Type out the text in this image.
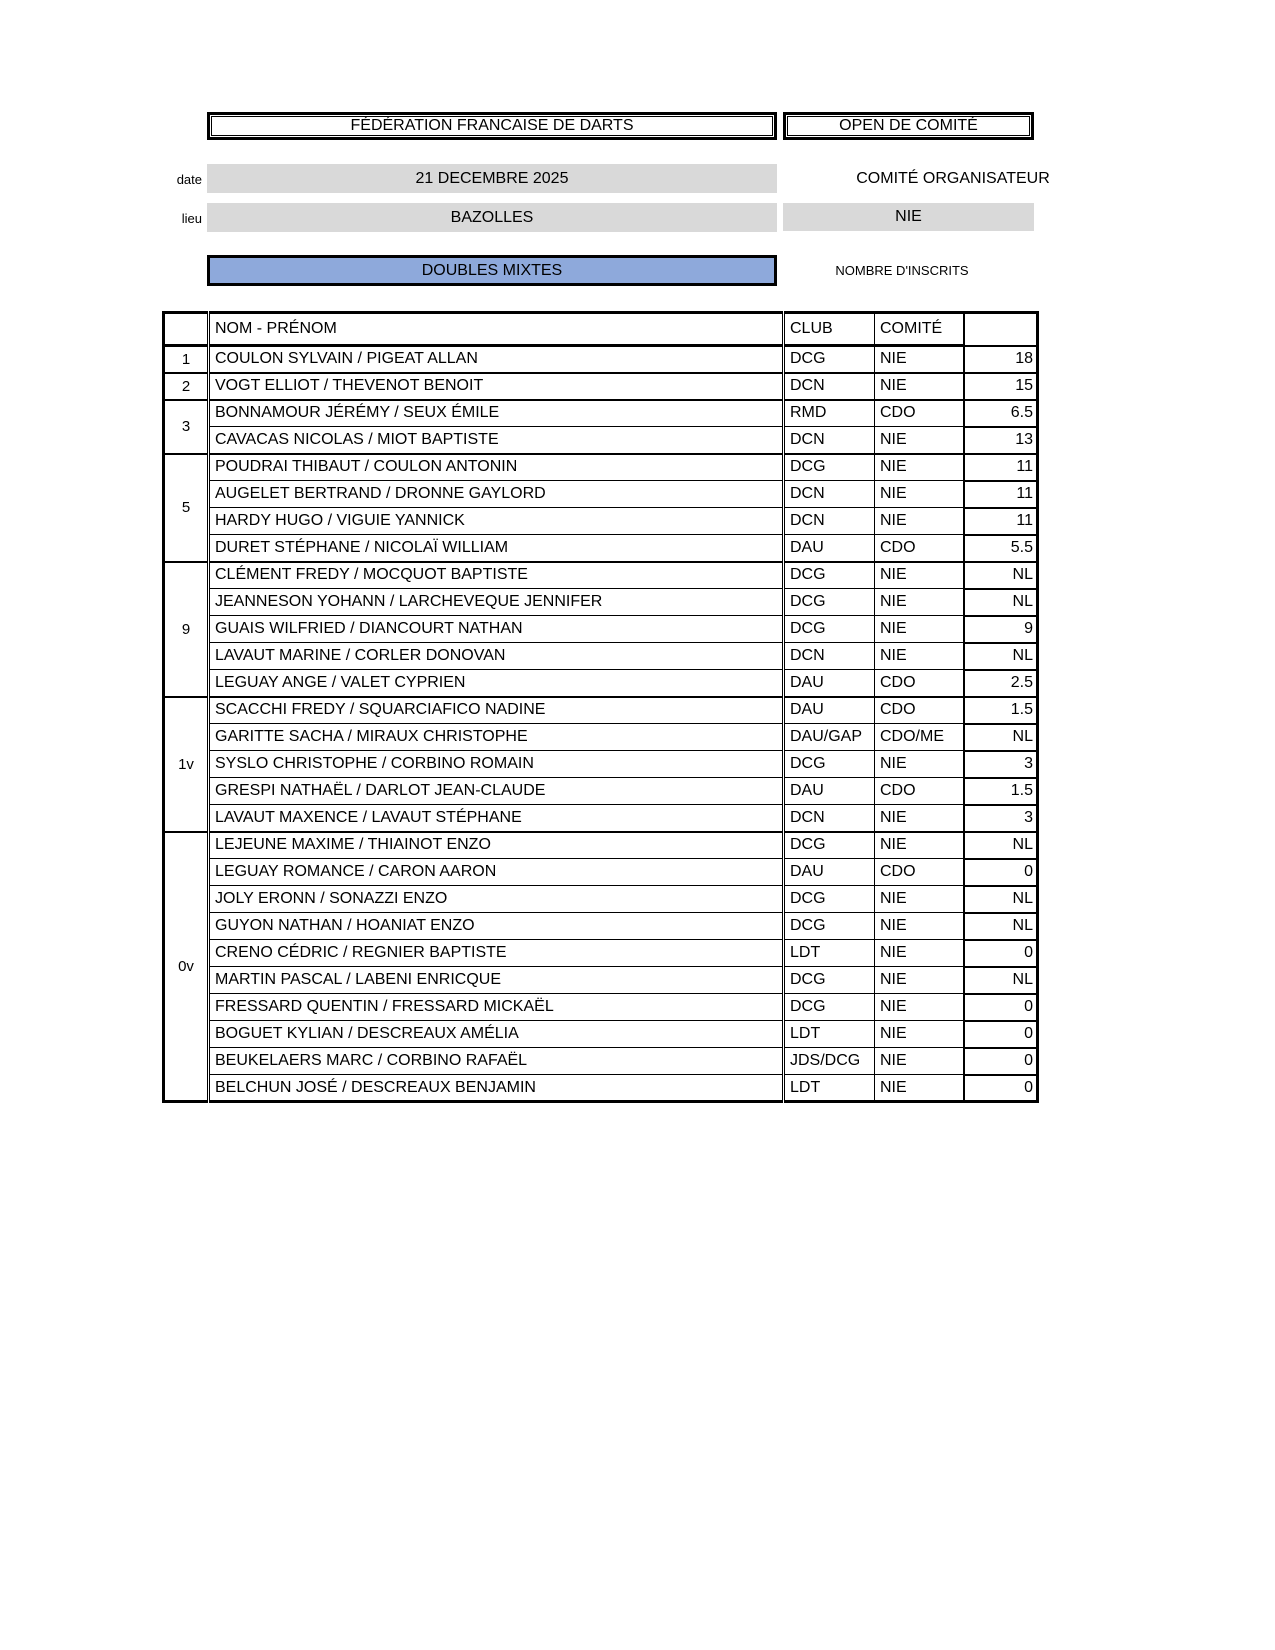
FÉDÉRATION FRANCAISE DE DARTS	OPEN DE COMITÉ
date	21 DECEMBRE 2025	COMITÉ ORGANISATEUR
lieu	BAZOLLES	NIE
DOUBLES MIXTES	NOMBRE D'INSCRITS
	NOM - PRÉNOM	CLUB	COMITÉ	
1	COULON SYLVAIN / PIGEAT ALLAN	DCG	NIE	18
2	VOGT ELLIOT / THEVENOT BENOIT	DCN	NIE	15
3	BONNAMOUR JÉRÉMY / SEUX ÉMILE	RMD	CDO	6.5
	CAVACAS NICOLAS / MIOT BAPTISTE	DCN	NIE	13
5	POUDRAI THIBAUT / COULON ANTONIN	DCG	NIE	11
	AUGELET BERTRAND / DRONNE GAYLORD	DCN	NIE	11
	HARDY HUGO / VIGUIE YANNICK	DCN	NIE	11
	DURET STÉPHANE / NICOLAÏ WILLIAM	DAU	CDO	5.5
9	CLÉMENT FREDY / MOCQUOT BAPTISTE	DCG	NIE	NL
	JEANNESON YOHANN / LARCHEVEQUE JENNIFER	DCG	NIE	NL
	GUAIS WILFRIED / DIANCOURT NATHAN	DCG	NIE	9
	LAVAUT MARINE / CORLER DONOVAN	DCN	NIE	NL
	LEGUAY ANGE / VALET CYPRIEN	DAU	CDO	2.5
1v	SCACCHI FREDY / SQUARCIAFICO NADINE	DAU	CDO	1.5
	GARITTE SACHA / MIRAUX CHRISTOPHE	DAU/GAP	CDO/ME	NL
	SYSLO CHRISTOPHE / CORBINO ROMAIN	DCG	NIE	3
	GRESPI NATHAËL / DARLOT JEAN-CLAUDE	DAU	CDO	1.5
	LAVAUT MAXENCE / LAVAUT STÉPHANE	DCN	NIE	3
0v	LEJEUNE MAXIME / THIAINOT ENZO	DCG	NIE	NL
	LEGUAY ROMANCE / CARON AARON	DAU	CDO	0
	JOLY ERONN / SONAZZI ENZO	DCG	NIE	NL
	GUYON NATHAN / HOANIAT ENZO	DCG	NIE	NL
	CRENO CÉDRIC / REGNIER BAPTISTE	LDT	NIE	0
	MARTIN PASCAL / LABENI ENRICQUE	DCG	NIE	NL
	FRESSARD QUENTIN / FRESSARD MICKAËL	DCG	NIE	0
	BOGUET KYLIAN / DESCREAUX AMÉLIA	LDT	NIE	0
	BEUKELAERS MARC / CORBINO RAFAËL	JDS/DCG	NIE	0
	BELCHUN JOSÉ / DESCREAUX BENJAMIN	LDT	NIE	0
